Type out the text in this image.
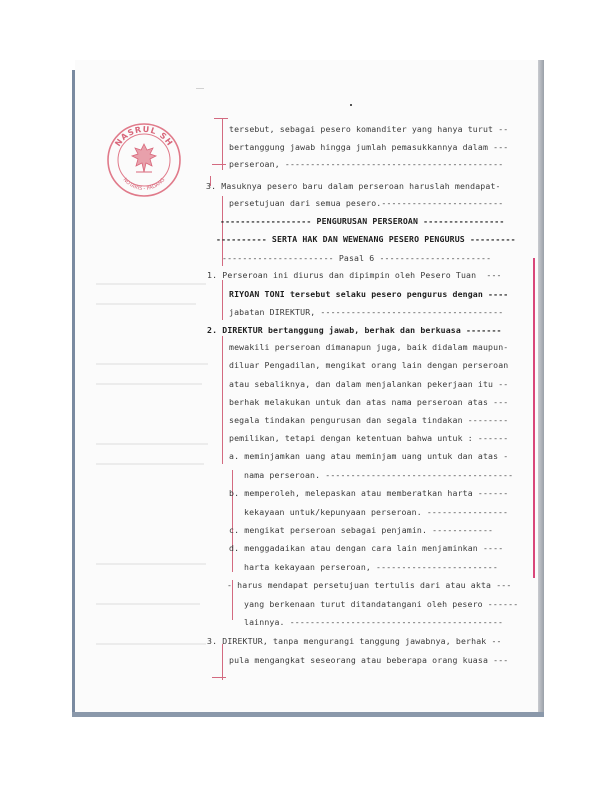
NASRUL SH
NOTARIS - PADANG
tersebut, sebagai pesero komanditer yang hanya turut --
bertanggung jawab hingga jumlah pemasukkannya dalam ---
perseroan, -------------------------------------------
3. Masuknya pesero baru dalam perseroan haruslah mendapat-
persetujuan dari semua pesero.------------------------
------------------ PENGURUSAN PERSEROAN ----------------
---------- SERTA HAK DAN WEWENANG PESERO PENGURUS ---------
---------------------- Pasal 6 ----------------------
1. Perseroan ini diurus dan dipimpin oleh Pesero Tuan  ---
RIYOAN TONI tersebut selaku pesero pengurus dengan ----
jabatan DIREKTUR, ------------------------------------
2. DIREKTUR bertanggung jawab, berhak dan berkuasa -------
mewakili perseroan dimanapun juga, baik didalam maupun-
diluar Pengadilan, mengikat orang lain dengan perseroan
atau sebaliknya, dan dalam menjalankan pekerjaan itu --
berhak melakukan untuk dan atas nama perseroan atas ---
segala tindakan pengurusan dan segala tindakan --------
pemilikan, tetapi dengan ketentuan bahwa untuk : ------
a. meminjamkan uang atau meminjam uang untuk dan atas -
nama perseroan. -------------------------------------
b. memperoleh, melepaskan atau memberatkan harta ------
kekayaan untuk/kepunyaan perseroan. ----------------
c. mengikat perseroan sebagai penjamin. ------------
d. menggadaikan atau dengan cara lain menjaminkan ----
harta kekayaan perseroan, ------------------------
- harus mendapat persetujuan tertulis dari atau akta ---
yang berkenaan turut ditandatangani oleh pesero ------
lainnya. ------------------------------------------
3. DIREKTUR, tanpa mengurangi tanggung jawabnya, berhak --
pula mengangkat seseorang atau beberapa orang kuasa ---
